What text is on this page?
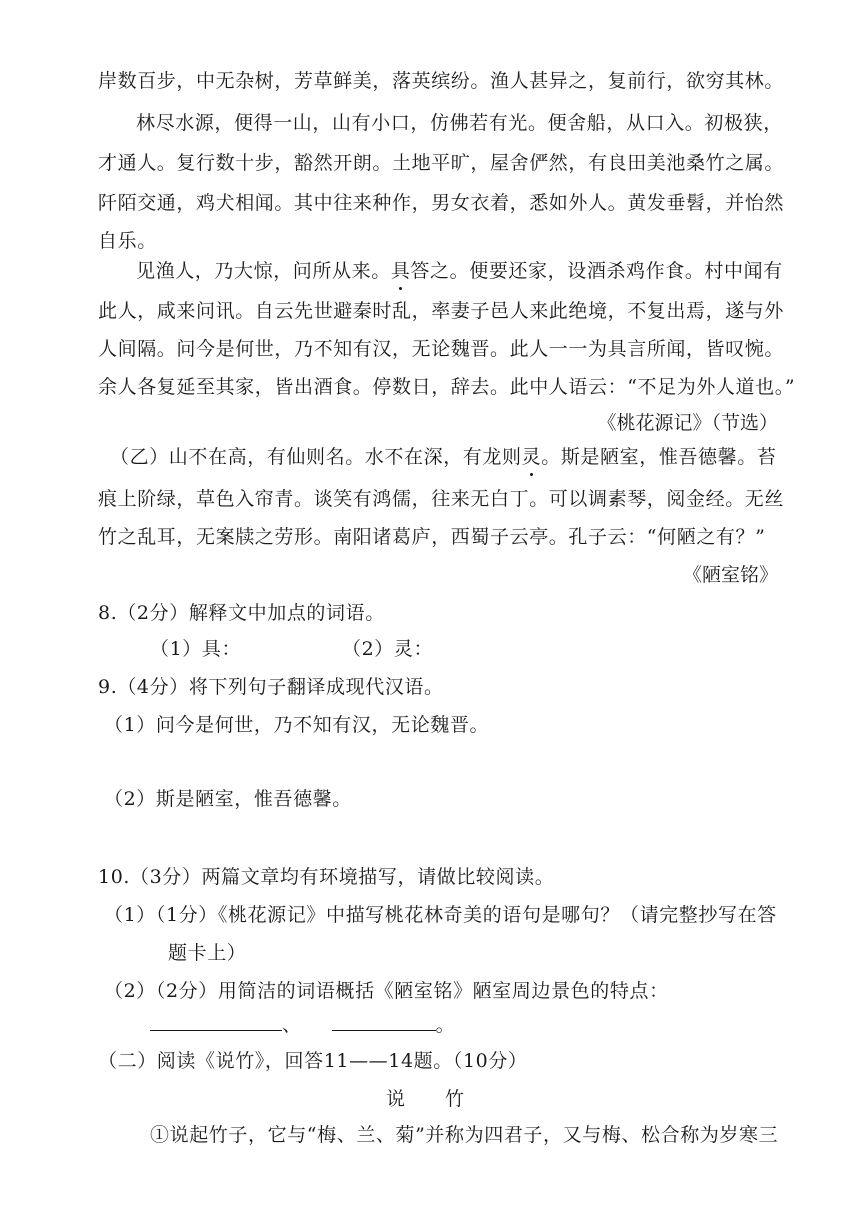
岸数百步，中无杂树，芳草鲜美，落英缤纷。渔人甚异之，复前行，欲穷其林。
林尽水源，便得一山，山有小口，仿佛若有光。便舍船，从口入。初极狭，
才通人。复行数十步，豁然开朗。土地平旷，屋舍俨然，有良田美池桑竹之属。
阡陌交通，鸡犬相闻。其中往来种作，男女衣着，悉如外人。黄发垂髫，并怡然
自乐。
见渔人，乃大惊，问所从来。具答之。便要还家，设酒杀鸡作食。村中闻有
此人，咸来问讯。自云先世避秦时乱，率妻子邑人来此绝境，不复出焉，遂与外
人间隔。问今是何世，乃不知有汉，无论魏晋。此人一一为具言所闻，皆叹惋。
余人各复延至其家，皆出酒食。停数日，辞去。此中人语云：“不足为外人道也。”
《桃花源记》（节选）
（乙）山不在高，有仙则名。水不在深，有龙则灵。斯是陋室，惟吾德馨。苔
痕上阶绿，草色入帘青。谈笑有鸿儒，往来无白丁。可以调素琴，阅金经。无丝
竹之乱耳，无案牍之劳形。南阳诸葛庐，西蜀子云亭。孔子云：“何陋之有？”
《陋室铭》
8.（2分）解释文中加点的词语。
（1）具：	（2）灵：
9.（4分）将下列句子翻译成现代汉语。
（1）问今是何世，乃不知有汉，无论魏晋。
（2）斯是陋室，惟吾德馨。
10.（3分）两篇文章均有环境描写，请做比较阅读。
（1）（1分）《桃花源记》中描写桃花林奇美的语句是哪句？（请完整抄写在答
题卡上）
（2）（2分）用简洁的词语概括《陋室铭》陋室周边景色的特点：
、	。
（二）阅读《说竹》，回答11——14题。（10分）
说竹
①说起竹子，它与“梅、兰、菊”并称为四君子，又与梅、松合称为岁寒三
